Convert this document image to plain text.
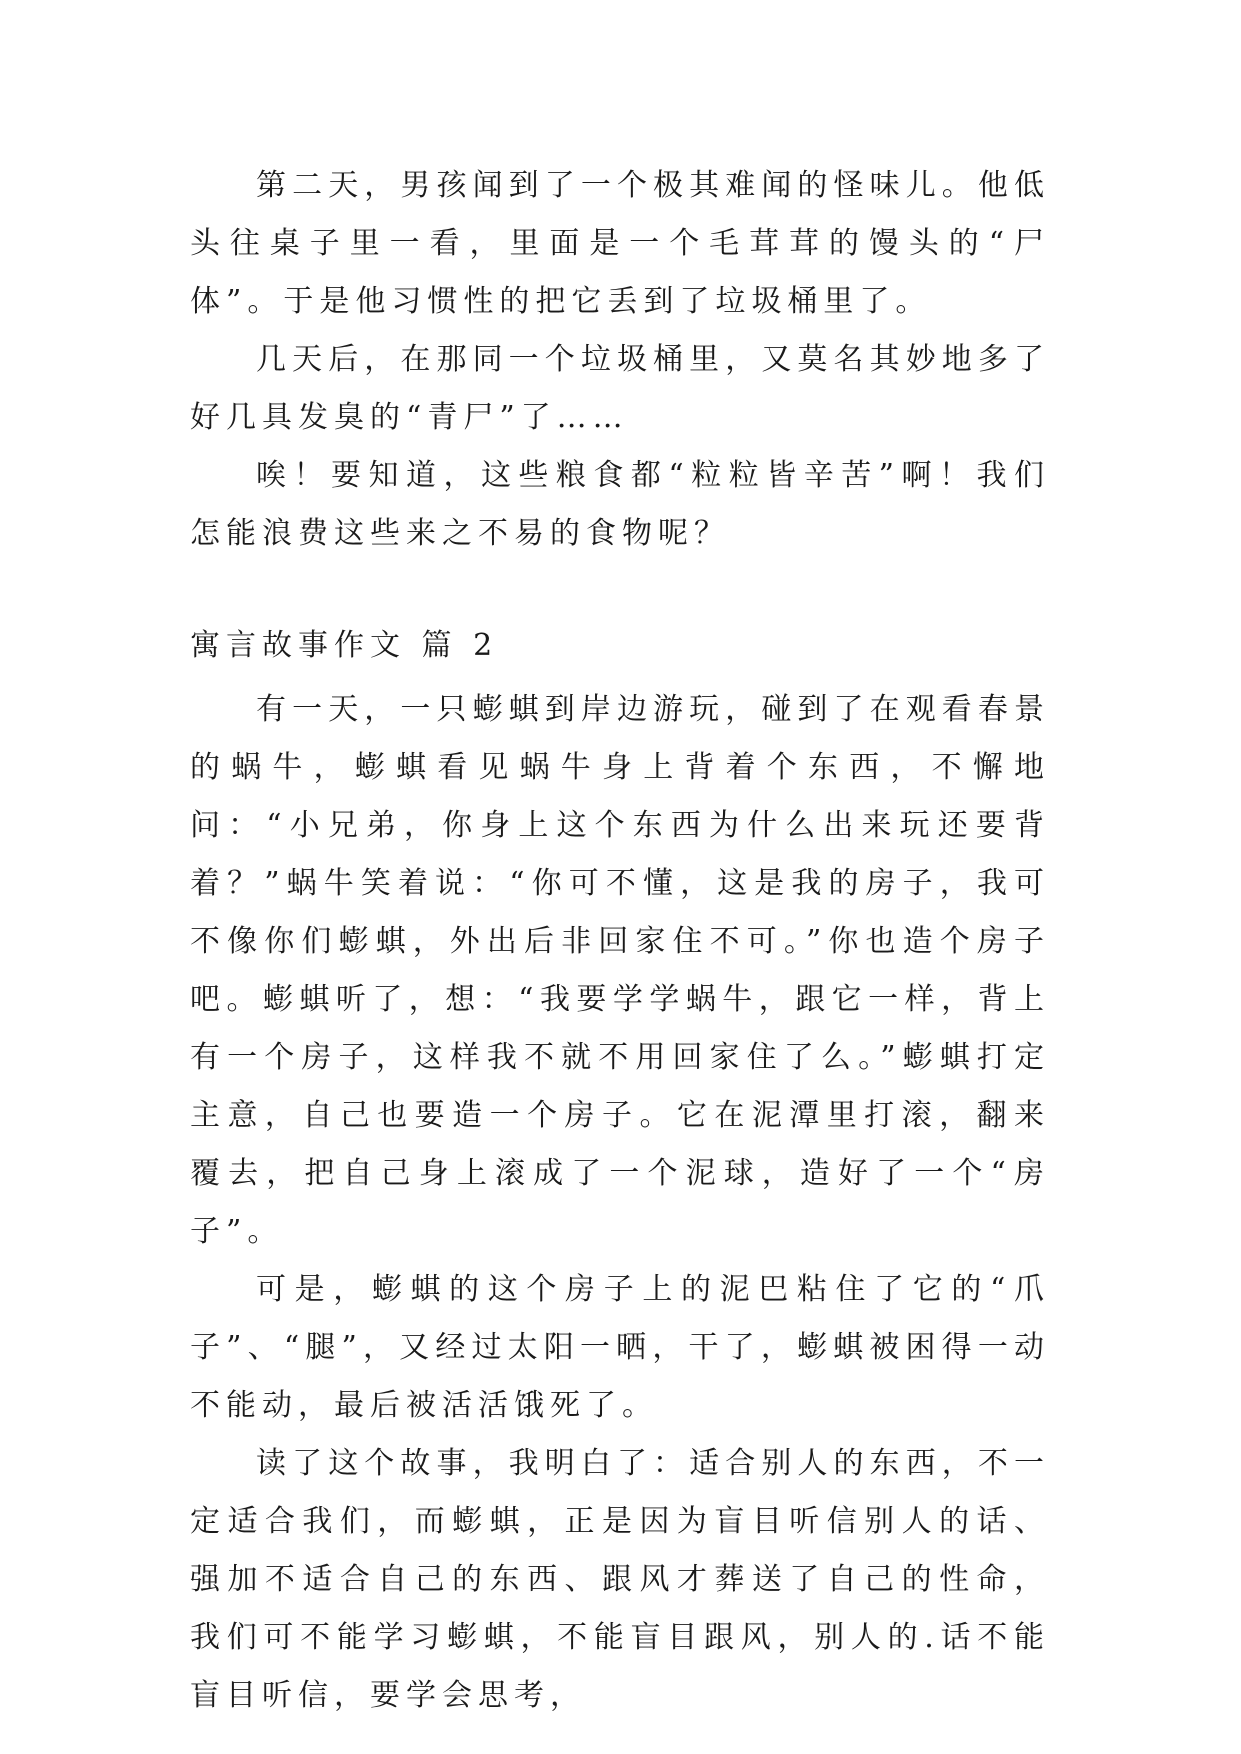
第二天，男孩闻到了一个极其难闻的怪味儿。他低头往桌子里一看，里面是一个毛茸茸的馒头的“尸体”。于是他习惯性的把它丢到了垃圾桶里了。

几天后，在那同一个垃圾桶里，又莫名其妙地多了好几具发臭的“青尸”了……

唉！要知道，这些粮食都“粒粒皆辛苦”啊！我们怎能浪费这些来之不易的食物呢？

寓言故事作文 篇 2

有一天，一只蟛蜞到岸边游玩，碰到了在观看春景的蜗牛，蟛蜞看见蜗牛身上背着个东西，不懈地问：“小兄弟，你身上这个东西为什么出来玩还要背着？”蜗牛笑着说：“你可不懂，这是我的房子，我可不像你们蟛蜞，外出后非回家住不可。”你也造个房子吧。蟛蜞听了，想：“我要学学蜗牛，跟它一样，背上有一个房子，这样我不就不用回家住了么。”蟛蜞打定主意，自己也要造一个房子。它在泥潭里打滚，翻来覆去，把自己身上滚成了一个泥球，造好了一个“房子”。

可是，蟛蜞的这个房子上的泥巴粘住了它的“爪子”、“腿”，又经过太阳一晒，干了，蟛蜞被困得一动不能动，最后被活活饿死了。

读了这个故事，我明白了：适合别人的东西，不一定适合我们，而蟛蜞，正是因为盲目听信别人的话、强加不适合自己的东西、跟风才葬送了自己的性命，我们可不能学习蟛蜞，不能盲目跟风，别人的.话不能盲目听信，要学会思考，
